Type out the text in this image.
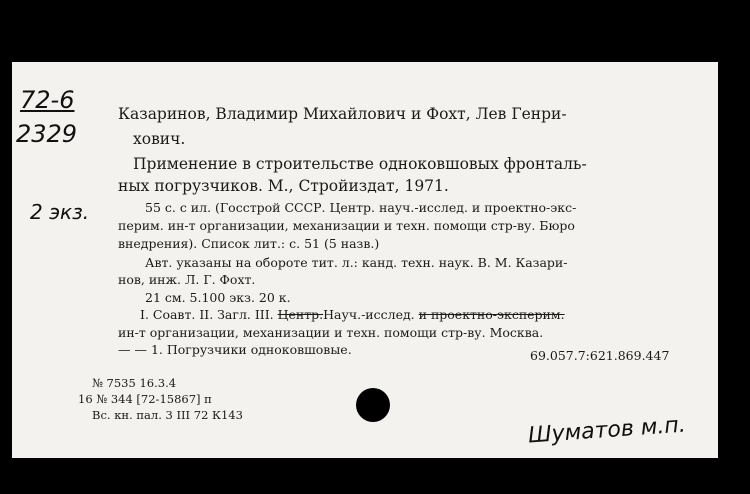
72-6
2329
2 экз.
Казаринов, Владимир Михайлович и Фохт, Лев Генри-
хович.
Применение в строительстве одноковшовых фронталь-
ных погрузчиков. М., Стройиздат, 1971.
55 с. с ил. (Госстрой СССР. Центр. науч.-исслед. и проектно-экс-
перим. ин-т организации, механизации и техн. помощи стр-ву. Бюро
внедрения). Список лит.: с. 51 (5 назв.)
Авт. указаны на обороте тит. л.: канд. техн. наук. В. М. Казари-
нов, инж. Л. Г. Фохт.
21 см. 5.100 экз. 20 к.
I. Соавт. II. Загл. III. Центр.Науч.-исслед. и проектно-эксперим.
ин-т организации, механизации и техн. помощи стр-ву. Москва.
— — 1. Погрузчики одноковшовые.	69.057.7:621.869.447
№ 7535 16.3.4
16 № 344 [72-15867] п
Вс. кн. пал. 3 III 72 К143	Шуматов м.п.
